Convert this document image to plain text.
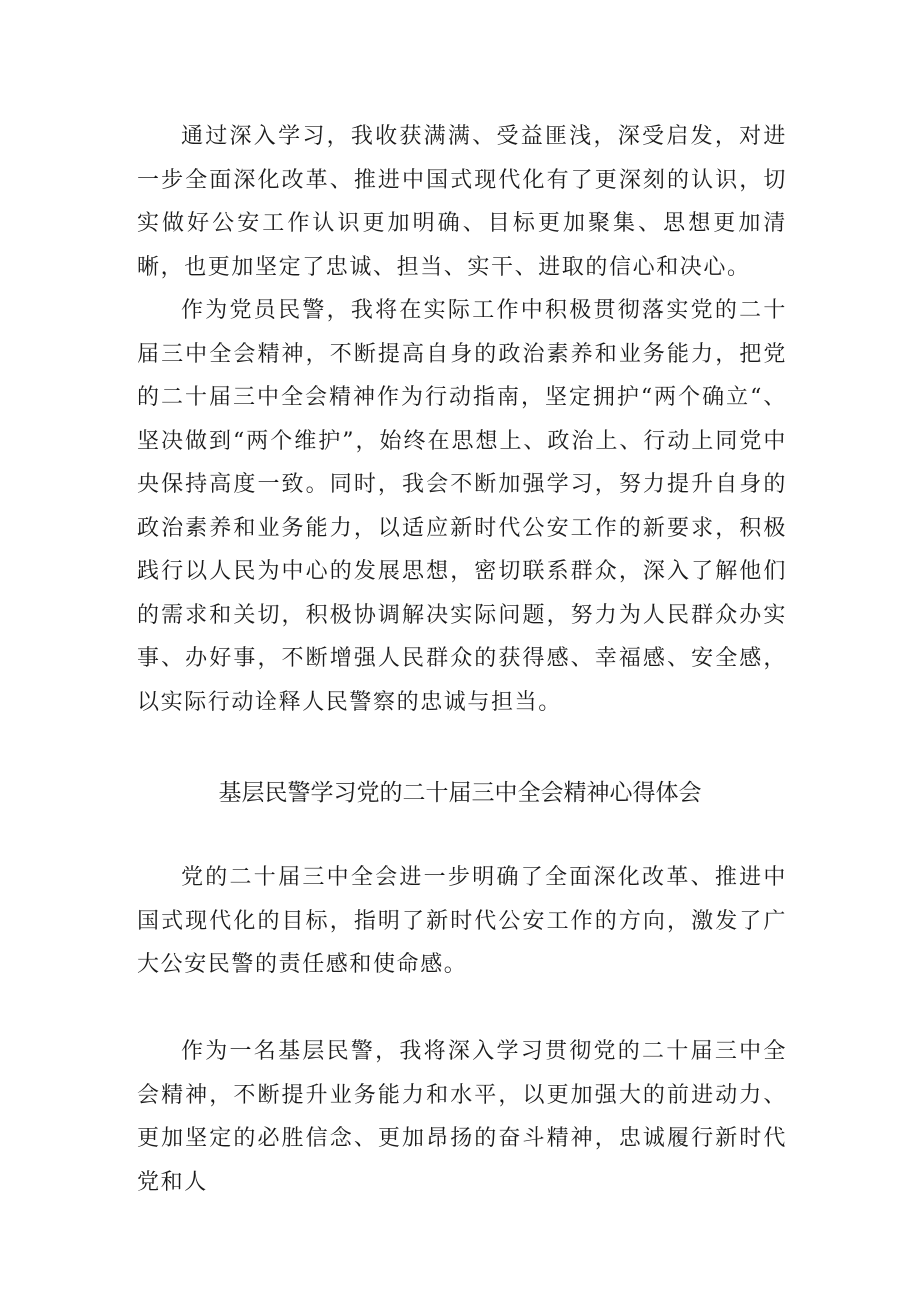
通过深入学习，我收获满满、受益匪浅，深受启发，对进一步全面深化改革、推进中国式现代化有了更深刻的认识，切实做好公安工作认识更加明确、目标更加聚集、思想更加清晰，也更加坚定了忠诚、担当、实干、进取的信心和决心。

作为党员民警，我将在实际工作中积极贯彻落实党的二十届三中全会精神，不断提高自身的政治素养和业务能力，把党的二十届三中全会精神作为行动指南，坚定拥护“两个确立“、坚决做到“两个维护”，始终在思想上、政治上、行动上同党中央保持高度一致。同时，我会不断加强学习，努力提升自身的政治素养和业务能力，以适应新时代公安工作的新要求，积极践行以人民为中心的发展思想，密切联系群众，深入了解他们的需求和关切，积极协调解决实际问题，努力为人民群众办实事、办好事，不断增强人民群众的获得感、幸福感、安全感，以实际行动诠释人民警察的忠诚与担当。

基层民警学习党的二十届三中全会精神心得体会

党的二十届三中全会进一步明确了全面深化改革、推进中国式现代化的目标，指明了新时代公安工作的方向，激发了广大公安民警的责任感和使命感。

作为一名基层民警，我将深入学习贯彻党的二十届三中全会精神，不断提升业务能力和水平，以更加强大的前进动力、更加坚定的必胜信念、更加昂扬的奋斗精神，忠诚履行新时代党和人
